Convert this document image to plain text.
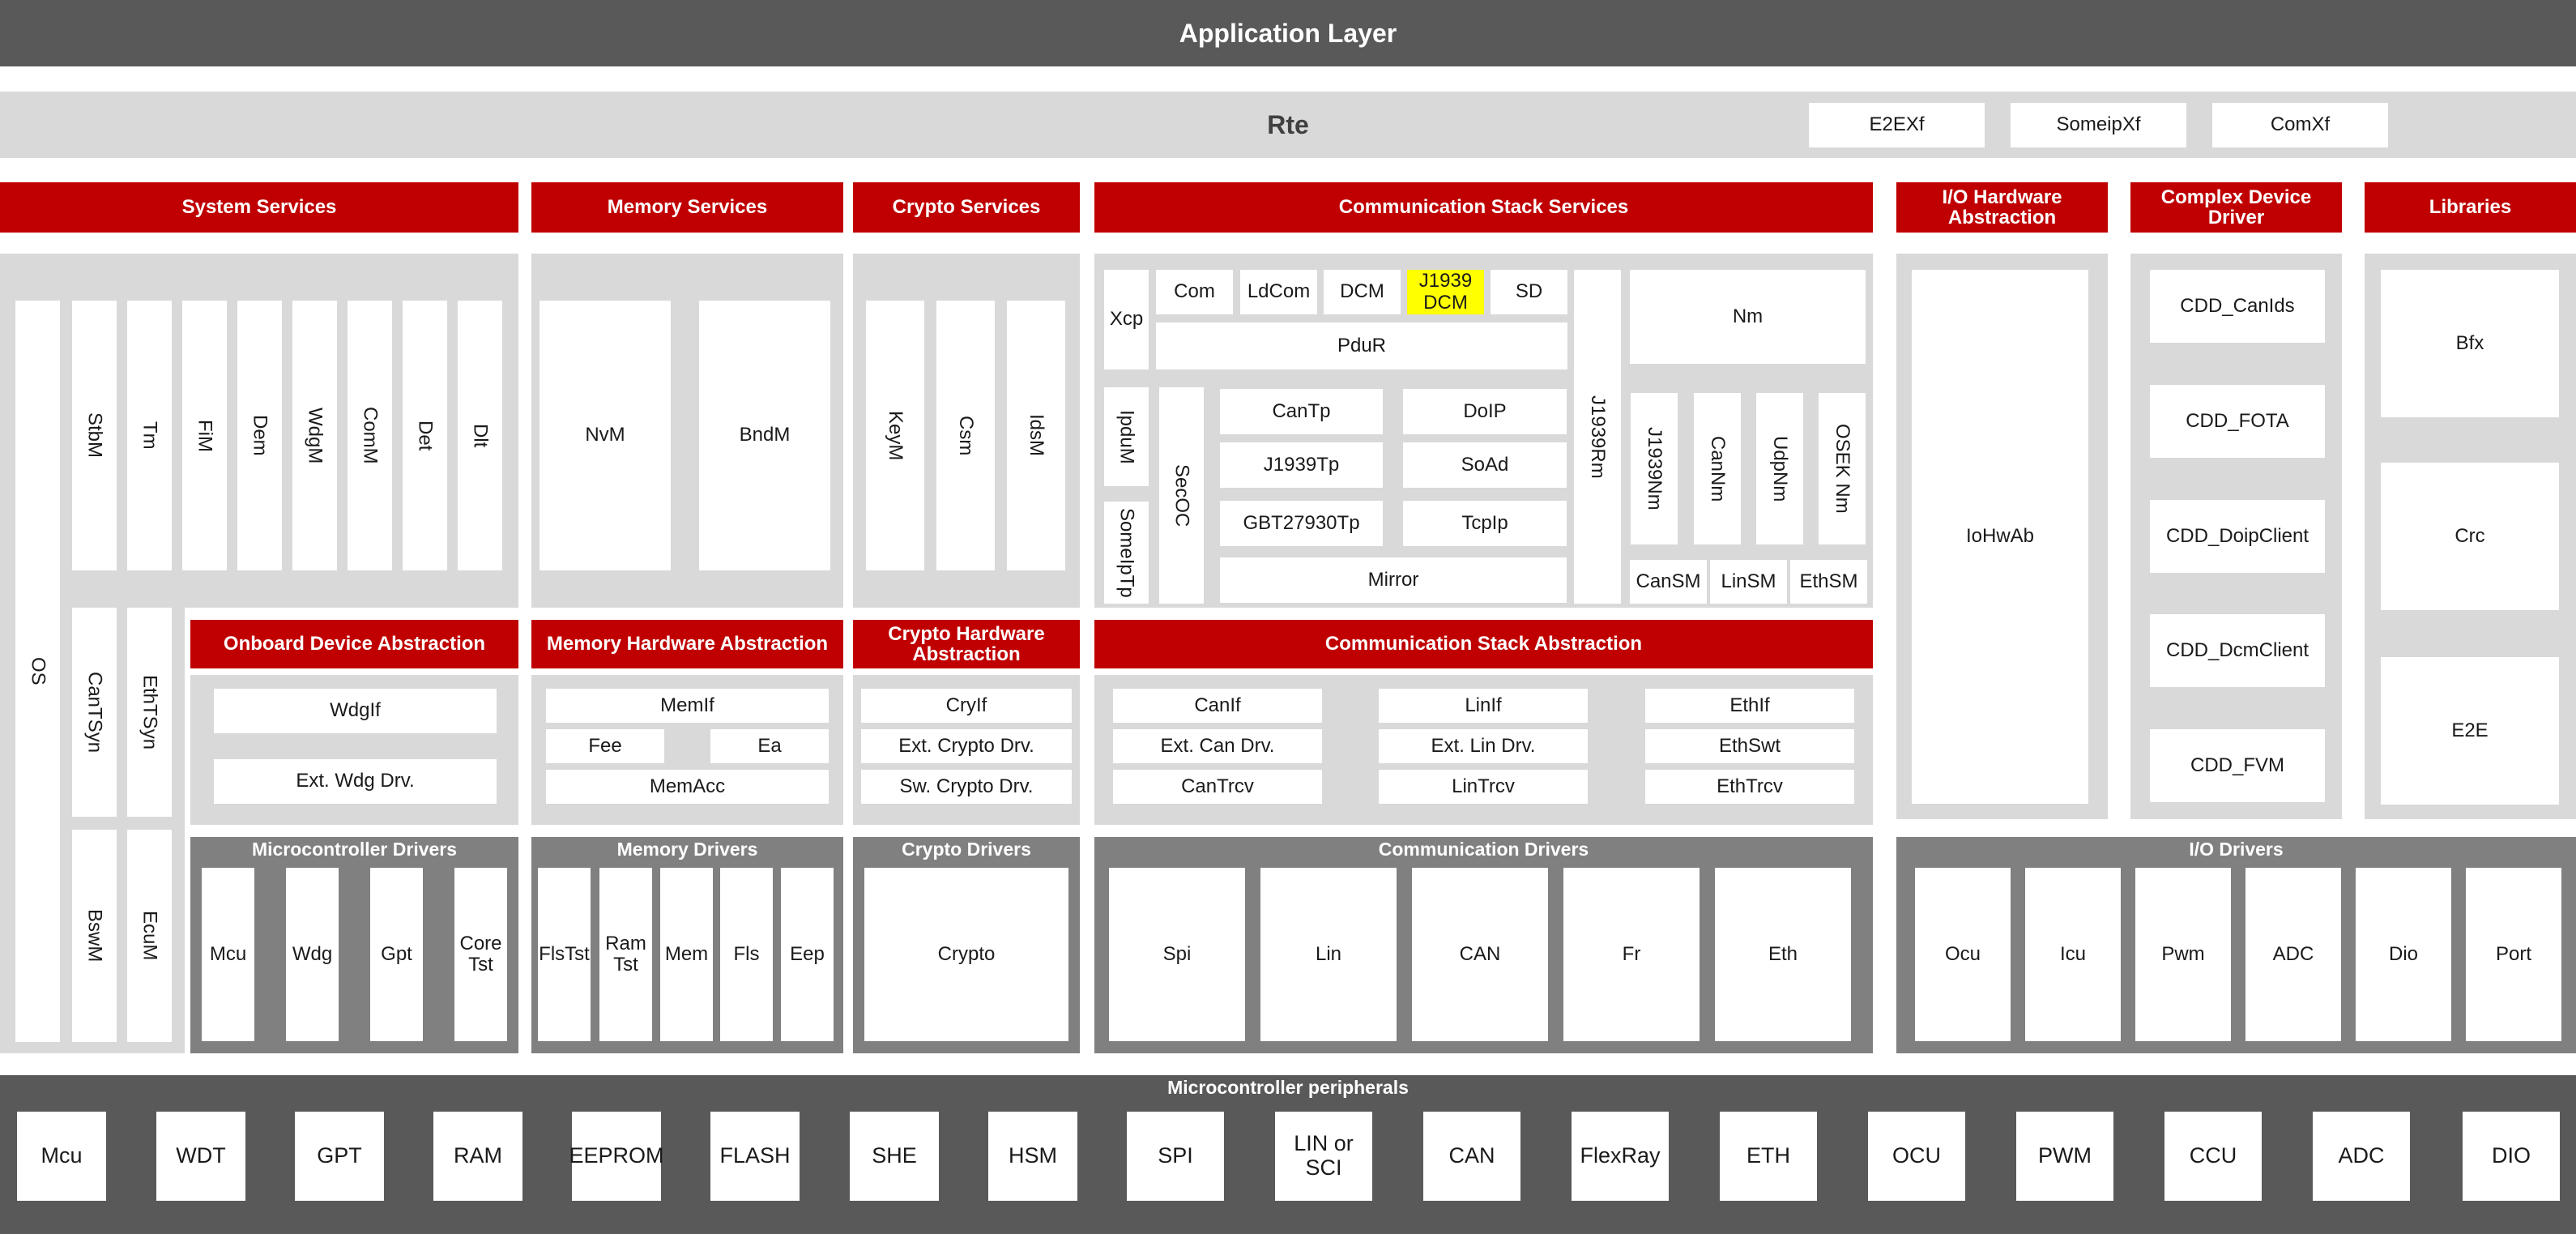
Application Layer
Rte	E2EXf	SomeipXf	ComXf
System Services	Memory Services	Crypto Services	Communication Stack Services	I/O Hardware Abstraction
Complex Device Driver	Libraries
OS
StbM	Tm	FiM	Dem	WdgM	ComM	Det	Dlt
CanTSyn	EthTSyn
BswM	EcuM
NvM	BndM	KeyM	Csm	IdsM
Xcp
Com	LdCom	DCM	J1939 DCM	SD
PduR
IpduM
SomeIpTp
SecOC
CanTp	DoIP
J1939Tp	SoAd
GBT27930Tp	TcpIp
Mirror
J1939Rm
Nm
J1939Nm	CanNm	UdpNm	OSEK Nm
CanSM	LinSM	EthSM
IoHwAb
CDD_CanIds
CDD_FOTA
CDD_DoipClient
CDD_DcmClient
CDD_FVM
Bfx
Crc
E2E
Onboard Device Abstraction	Memory Hardware Abstraction	Crypto Hardware Abstraction	Communication Stack Abstraction
WdgIf
Ext. Wdg Drv.
MemIf
Fee	Ea
MemAcc
CryIf
Ext. Crypto Drv.
Sw. Crypto Drv.
CanIf
Ext. Can Drv.
CanTrcv
LinIf
Ext. Lin Drv.
LinTrcv
EthIf
EthSwt
EthTrcv
Microcontroller Drivers
Mcu	Wdg	Gpt	Core Tst
Memory Drivers
FlsTst RamTst	Mem	Fls	Eep
Crypto Drivers
Crypto
Communication Drivers
Spi	Lin	CAN	Fr	Eth
I/O Drivers
Ocu	Icu	Pwm	ADC	Dio	Port
Microcontroller peripherals
Mcu	WDT	GPT	RAM	EEPROM	FLASH	SHE	HSM	SPI	LIN or SCI	CAN	FlexRay	ETH	OCU	PWM	CCU	ADC	DIO
